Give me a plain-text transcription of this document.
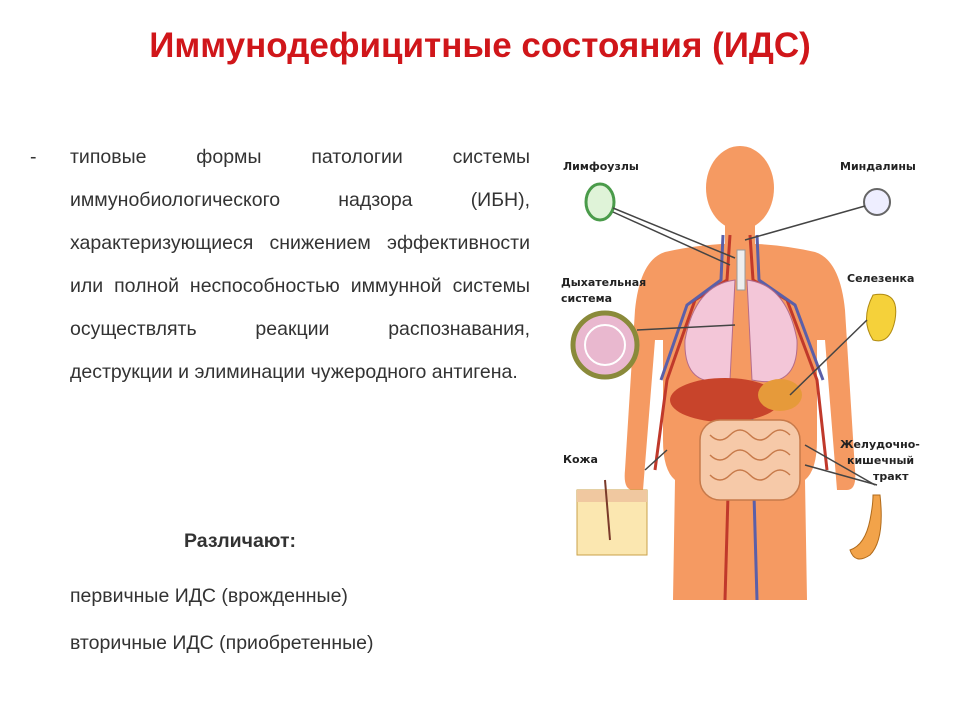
Иммунодефицитные состояния (ИДС)
- типовые формы патологии системы иммунобиологического надзора (ИБН), характеризующиеся снижением эффективности или полной неспособностью иммунной системы осуществлять реакции распознавания, деструкции и элиминации чужеродного антигена.
Различают:
первичные ИДС (врожденные)
вторичные ИДС (приобретенные)
Лимфоузлы	Миндалины
Дыхательная
система
Селезенка
Кожа
Желудочно-
кишечный
тракт
